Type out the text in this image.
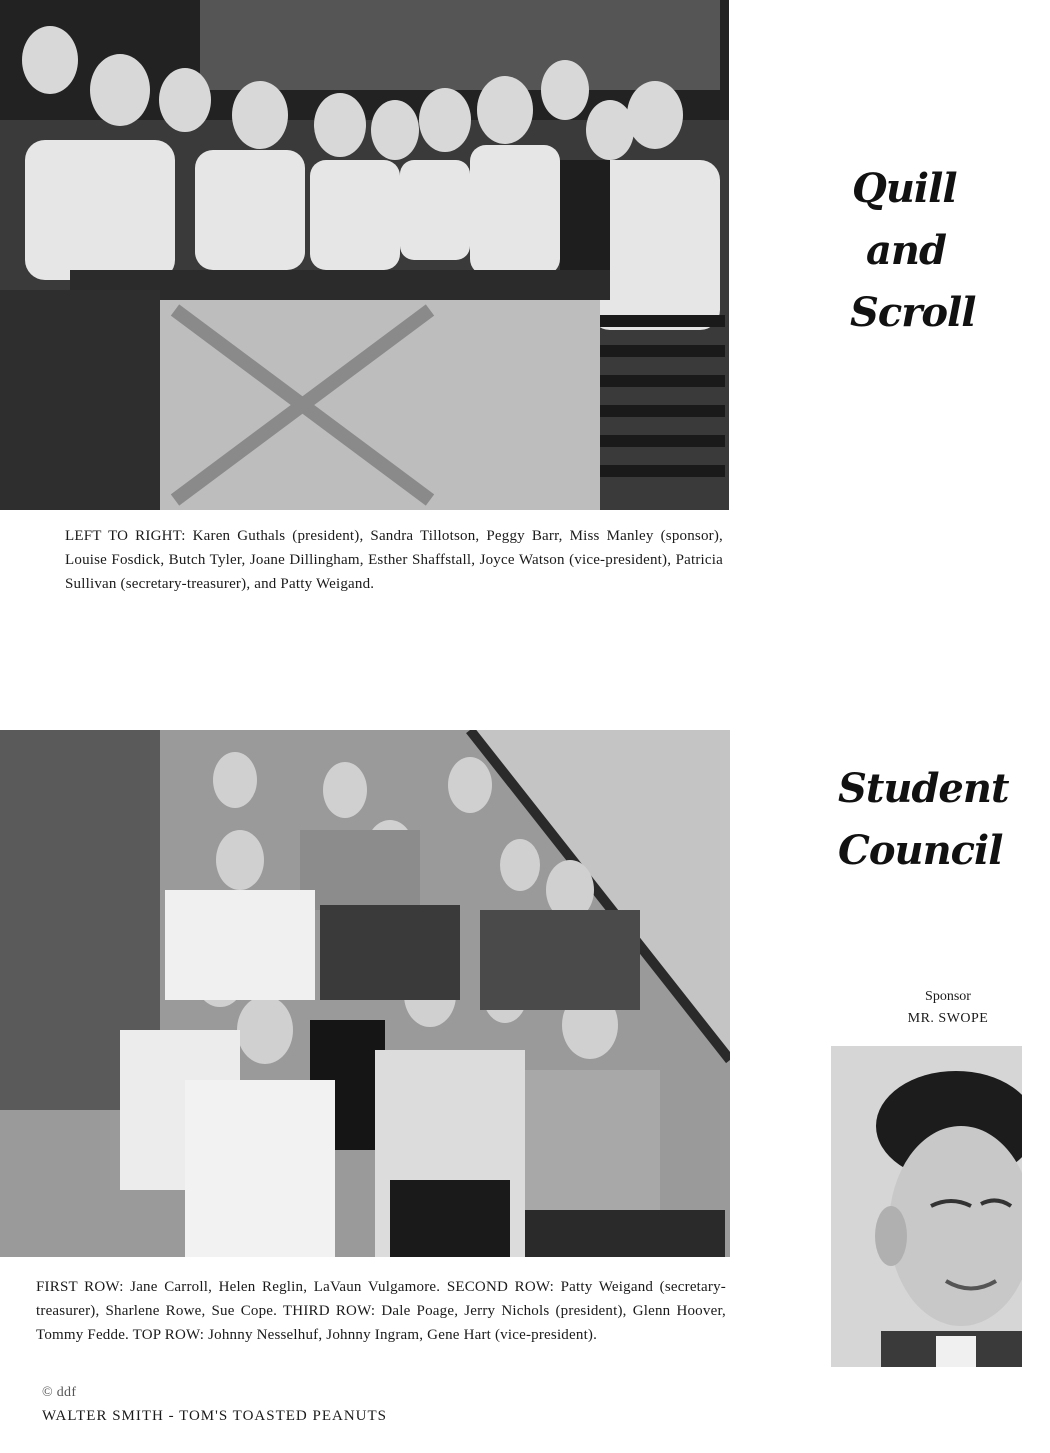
LEFT TO RIGHT: Karen Guthals (president), Sandra Tillotson, Peggy Barr, Miss Manley (sponsor), Louise Fosdick, Butch Tyler, Joane Dillingham, Esther Shaffstall, Joyce Watson (vice-president), Patricia Sullivan (secretary-treasurer), and Patty Weigand.

Quill
and
Scroll
Student
Council
Sponsor
MR. SWOPE

FIRST ROW: Jane Carroll, Helen Reglin, LaVaun Vulgamore. SECOND ROW: Patty Weigand (secretary-treasurer), Sharlene Rowe, Sue Cope. THIRD ROW: Dale Poage, Jerry Nichols (president), Glenn Hoover, Tommy Fedde. TOP ROW: Johnny Nesselhuf, Johnny Ingram, Gene Hart (vice-president).

© ddf

WALTER SMITH - TOM'S TOASTED PEANUTS
